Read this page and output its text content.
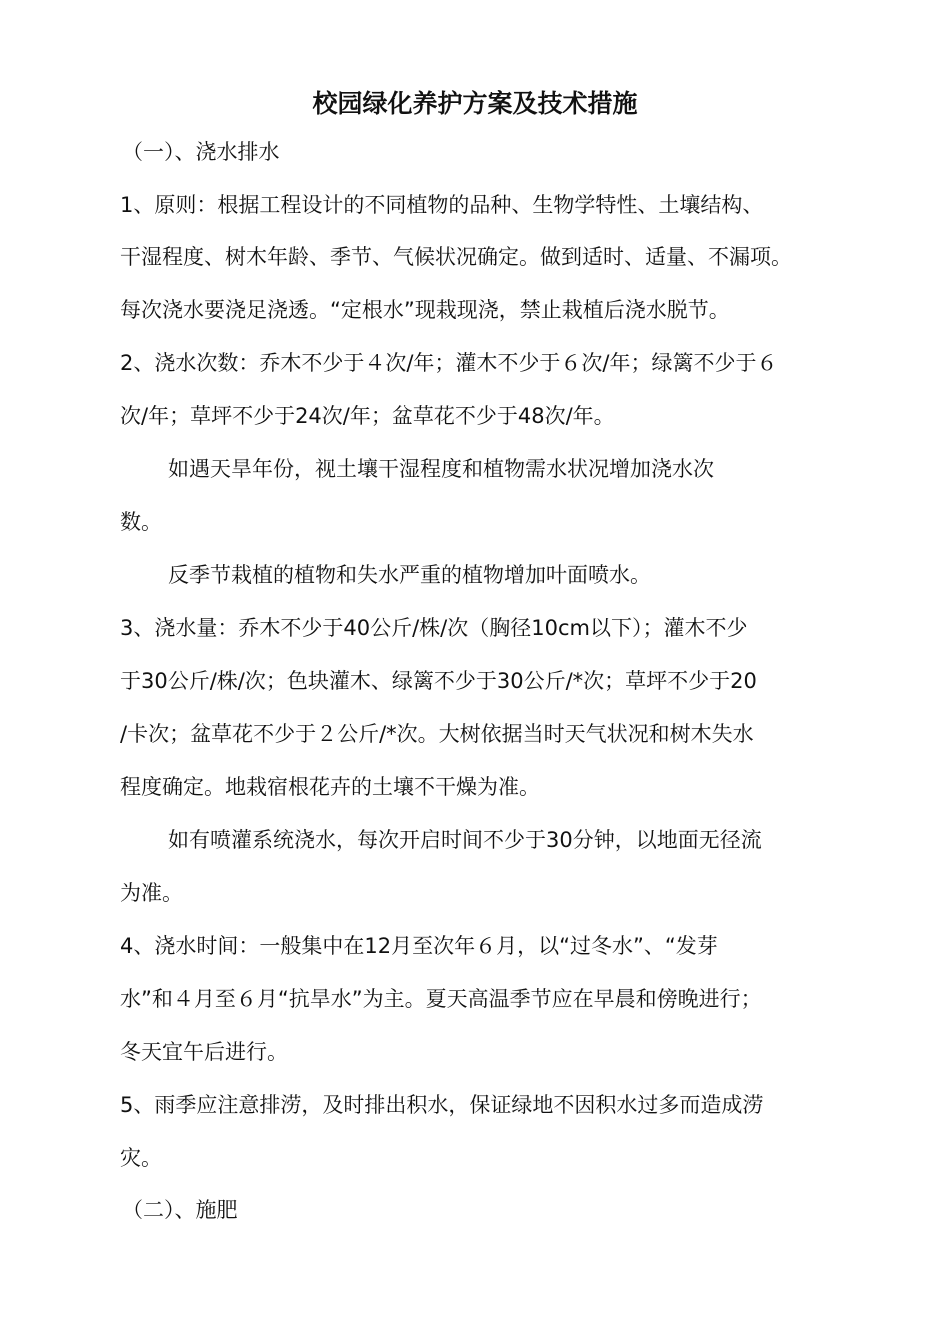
校园绿化养护方案及技术措施
（一）、浇水排水
1、原则：根据工程设计的不同植物的品种、生物学特性、土壤结构、
干湿程度、树木年龄、季节、气候状况确定。做到适时、适量、不漏项。
每次浇水要浇足浇透。“定根水”现栽现浇，禁止栽植后浇水脱节。
2、浇水次数：乔木不少于４次/年；灌木不少于６次/年；绿篱不少于６
次/年；草坪不少于24次/年；盆草花不少于48次/年。
如遇天旱年份，视土壤干湿程度和植物需水状况增加浇水次
数。
反季节栽植的植物和失水严重的植物增加叶面喷水。
3、浇水量：乔木不少于40公斤/株/次（胸径10cm以下）；灌木不少
于30公斤/株/次；色块灌木、绿篱不少于30公斤/*次；草坪不少于20
/卡次；盆草花不少于２公斤/*次。大树依据当时天气状况和树木失水
程度确定。地栽宿根花卉的土壤不干燥为准。
如有喷灌系统浇水，每次开启时间不少于30分钟，以地面无径流
为准。
4、浇水时间：一般集中在12月至次年６月，以“过冬水”、“发芽
水”和４月至６月“抗旱水”为主。夏天高温季节应在早晨和傍晚进行；
冬天宜午后进行。
5、雨季应注意排涝，及时排出积水，保证绿地不因积水过多而造成涝
灾。
（二）、施肥
